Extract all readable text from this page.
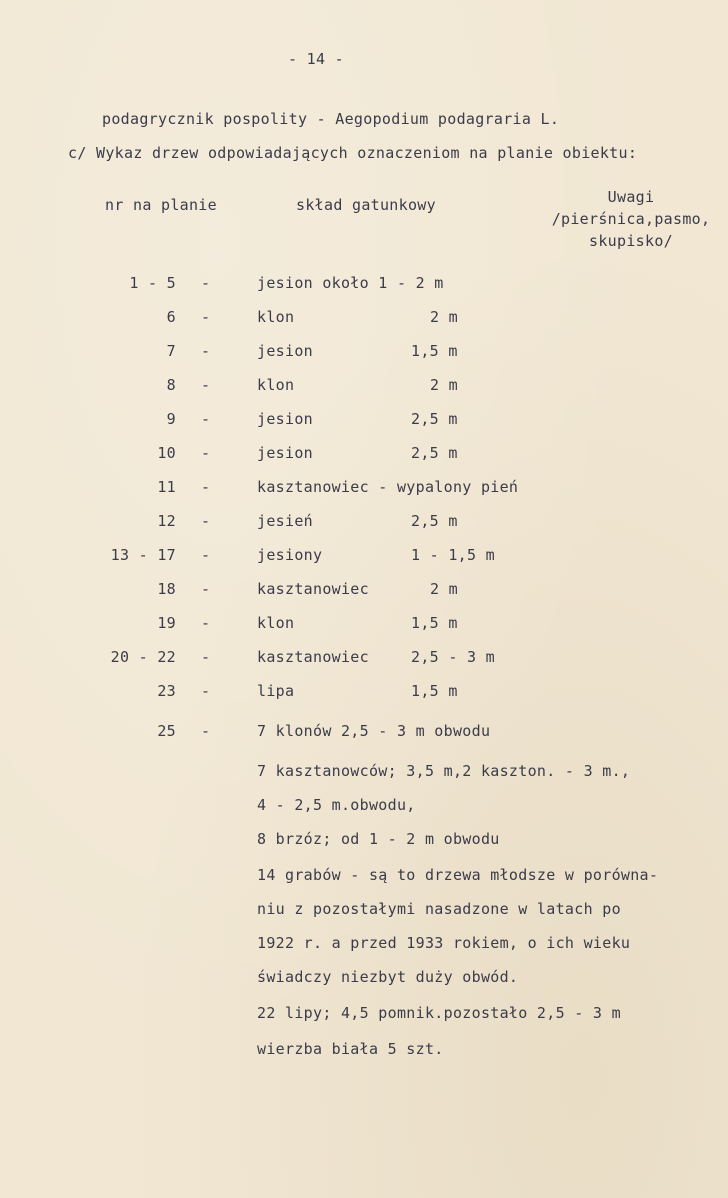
- 14 -
podagrycznik pospolity - Aegopodium podagraria L.
c/ Wykaz drzew odpowiadających oznaczeniom na planie obiektu:
nr na planie	skład gatunkowy	Uwagi
/pierśnica,pasmo,
skupisko/
1 - 5 -	jesion około 1 - 2 m
6 -	klon	2 m
7 -	jesion	1,5 m
8 -	klon	2 m
9 -	jesion	2,5 m
10 -	jesion	2,5 m
11 -	kasztanowiec - wypalony pień
12 -	jesień	2,5 m
13 - 17 -	jesiony	1 - 1,5 m
18 -	kasztanowiec	2 m
19 -	klon	1,5 m
20 - 22 -	kasztanowiec	2,5 - 3 m
23 -	lipa	1,5 m
25 -	7 klonów 2,5 - 3 m obwodu
7 kasztanowców; 3,5 m,2 kaszton. - 3 m.,
4 - 2,5 m.obwodu,
8 brzóz; od 1 - 2 m obwodu
14 grabów - są to drzewa młodsze w porówna-
niu z pozostałymi nasadzone w latach po
1922 r. a przed 1933 rokiem, o ich wieku
świadczy niezbyt duży obwód.
22 lipy; 4,5 pomnik.pozostało 2,5 - 3 m
wierzba biała 5 szt.
